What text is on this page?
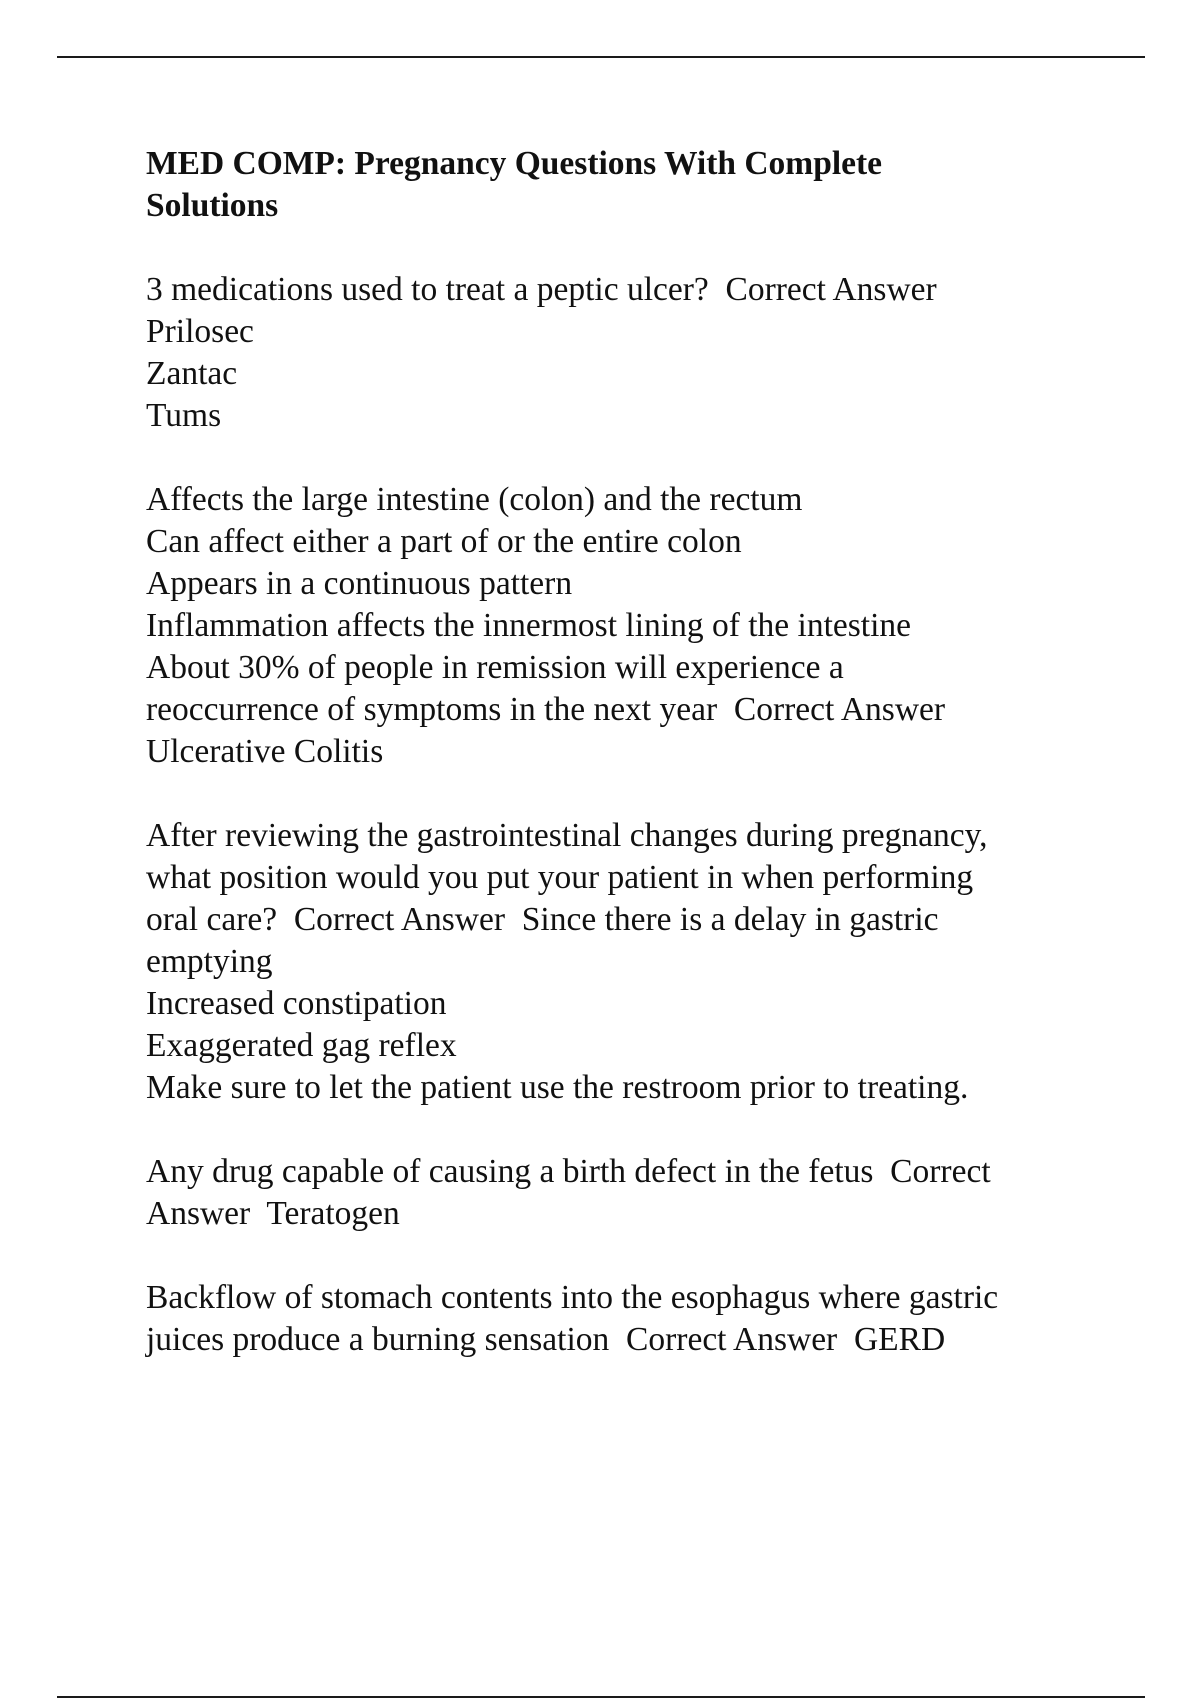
MED COMP: Pregnancy Questions With Complete
Solutions
3 medications used to treat a peptic ulcer?  Correct Answer
Prilosec
Zantac
Tums
Affects the large intestine (colon) and the rectum
Can affect either a part of or the entire colon
Appears in a continuous pattern
Inflammation affects the innermost lining of the intestine
About 30% of people in remission will experience a
reoccurrence of symptoms in the next year  Correct Answer
Ulcerative Colitis
After reviewing the gastrointestinal changes during pregnancy,
what position would you put your patient in when performing
oral care?  Correct Answer  Since there is a delay in gastric
emptying
Increased constipation
Exaggerated gag reflex
Make sure to let the patient use the restroom prior to treating.
Any drug capable of causing a birth defect in the fetus  Correct
Answer  Teratogen
Backflow of stomach contents into the esophagus where gastric
juices produce a burning sensation  Correct Answer  GERD
